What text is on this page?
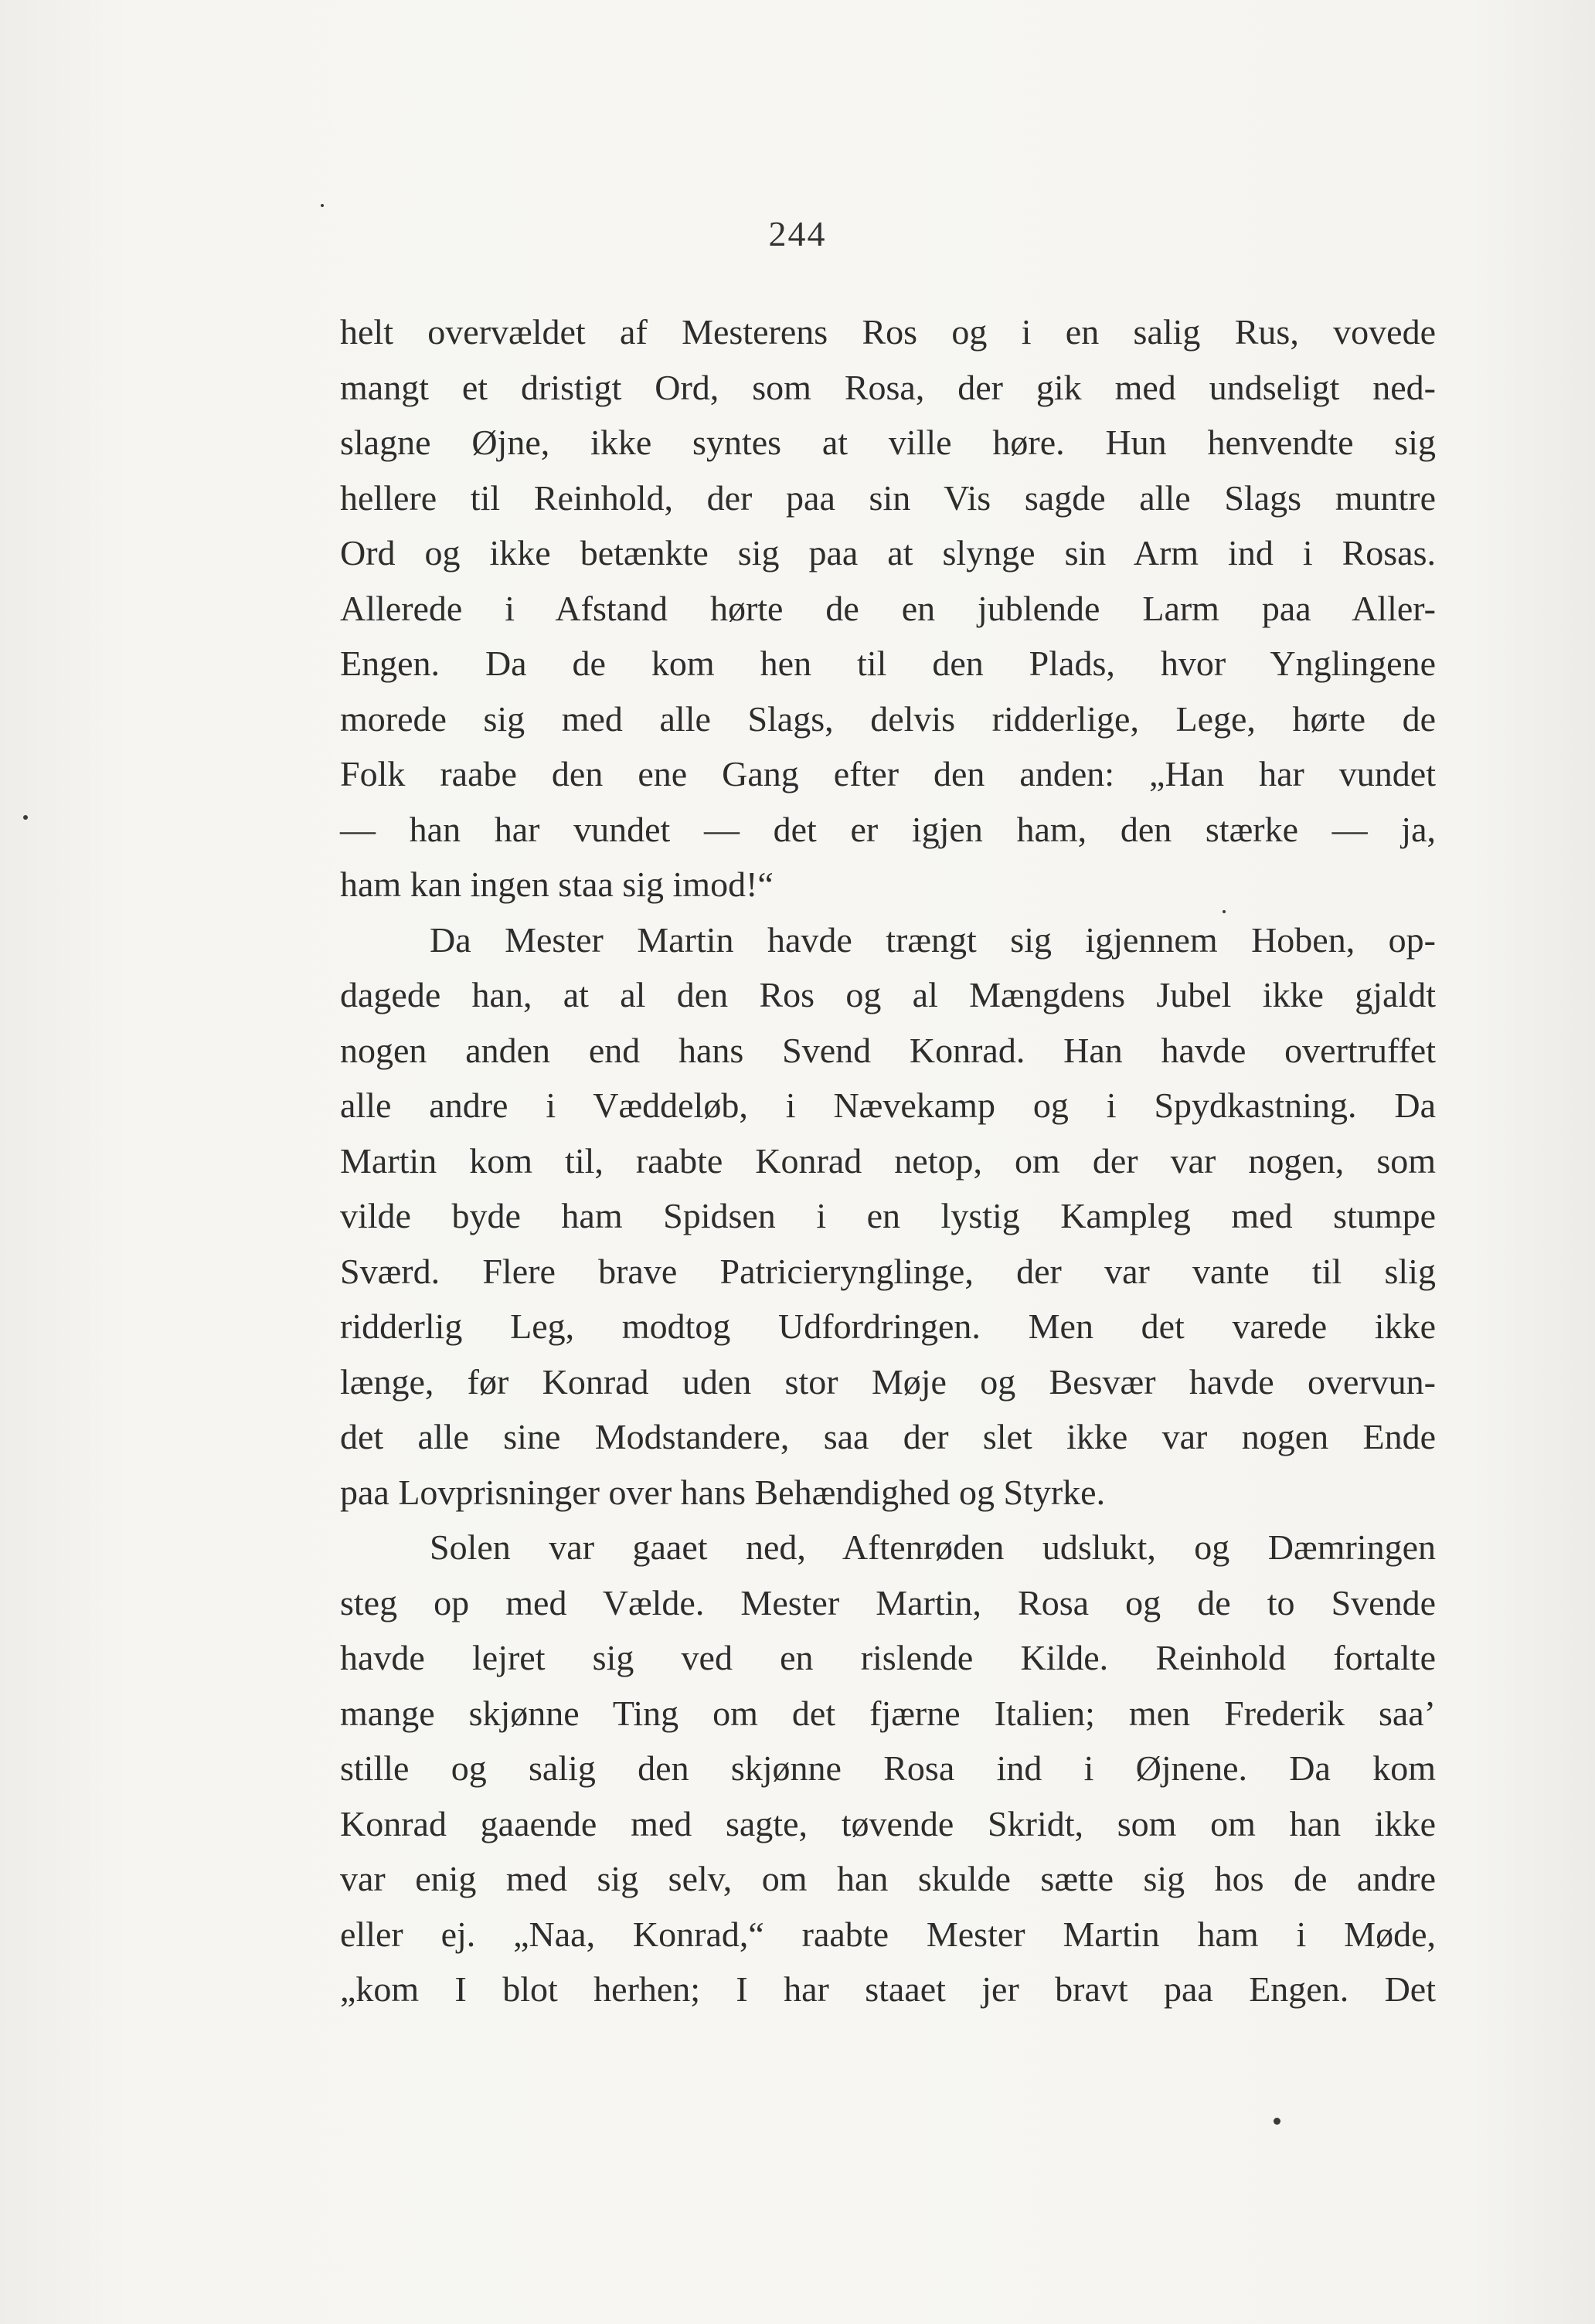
244
helt overvældet af Mesterens Ros og i en salig Rus, vovede
mangt et dristigt Ord, som Rosa, der gik med undseligt ned-
slagne Øjne, ikke syntes at ville høre. Hun henvendte sig
hellere til Reinhold, der paa sin Vis sagde alle Slags muntre
Ord og ikke betænkte sig paa at slynge sin Arm ind i Rosas.
Allerede i Afstand hørte de en jublende Larm paa Aller-
Engen. Da de kom hen til den Plads, hvor Ynglingene
morede sig med alle Slags, delvis ridderlige, Lege, hørte de
Folk raabe den ene Gang efter den anden: „Han har vundet
— han har vundet — det er igjen ham, den stærke — ja,
ham kan ingen staa sig imod!“
Da Mester Martin havde trængt sig igjennem Hoben, op-
dagede han, at al den Ros og al Mængdens Jubel ikke gjaldt
nogen anden end hans Svend Konrad. Han havde overtruffet
alle andre i Væddeløb, i Nævekamp og i Spydkastning. Da
Martin kom til, raabte Konrad netop, om der var nogen, som
vilde byde ham Spidsen i en lystig Kampleg med stumpe
Sværd. Flere brave Patricierynglinge, der var vante til slig
ridderlig Leg, modtog Udfordringen. Men det varede ikke
længe, før Konrad uden stor Møje og Besvær havde overvun-
det alle sine Modstandere, saa der slet ikke var nogen Ende
paa Lovprisninger over hans Behændighed og Styrke.
Solen var gaaet ned, Aftenrøden udslukt, og Dæmringen
steg op med Vælde. Mester Martin, Rosa og de to Svende
havde lejret sig ved en rislende Kilde. Reinhold fortalte
mange skjønne Ting om det fjærne Italien; men Frederik saa’
stille og salig den skjønne Rosa ind i Øjnene. Da kom
Konrad gaaende med sagte, tøvende Skridt, som om han ikke
var enig med sig selv, om han skulde sætte sig hos de andre
eller ej. „Naa, Konrad,“ raabte Mester Martin ham i Møde,
„kom I blot herhen; I har staaet jer bravt paa Engen. Det
